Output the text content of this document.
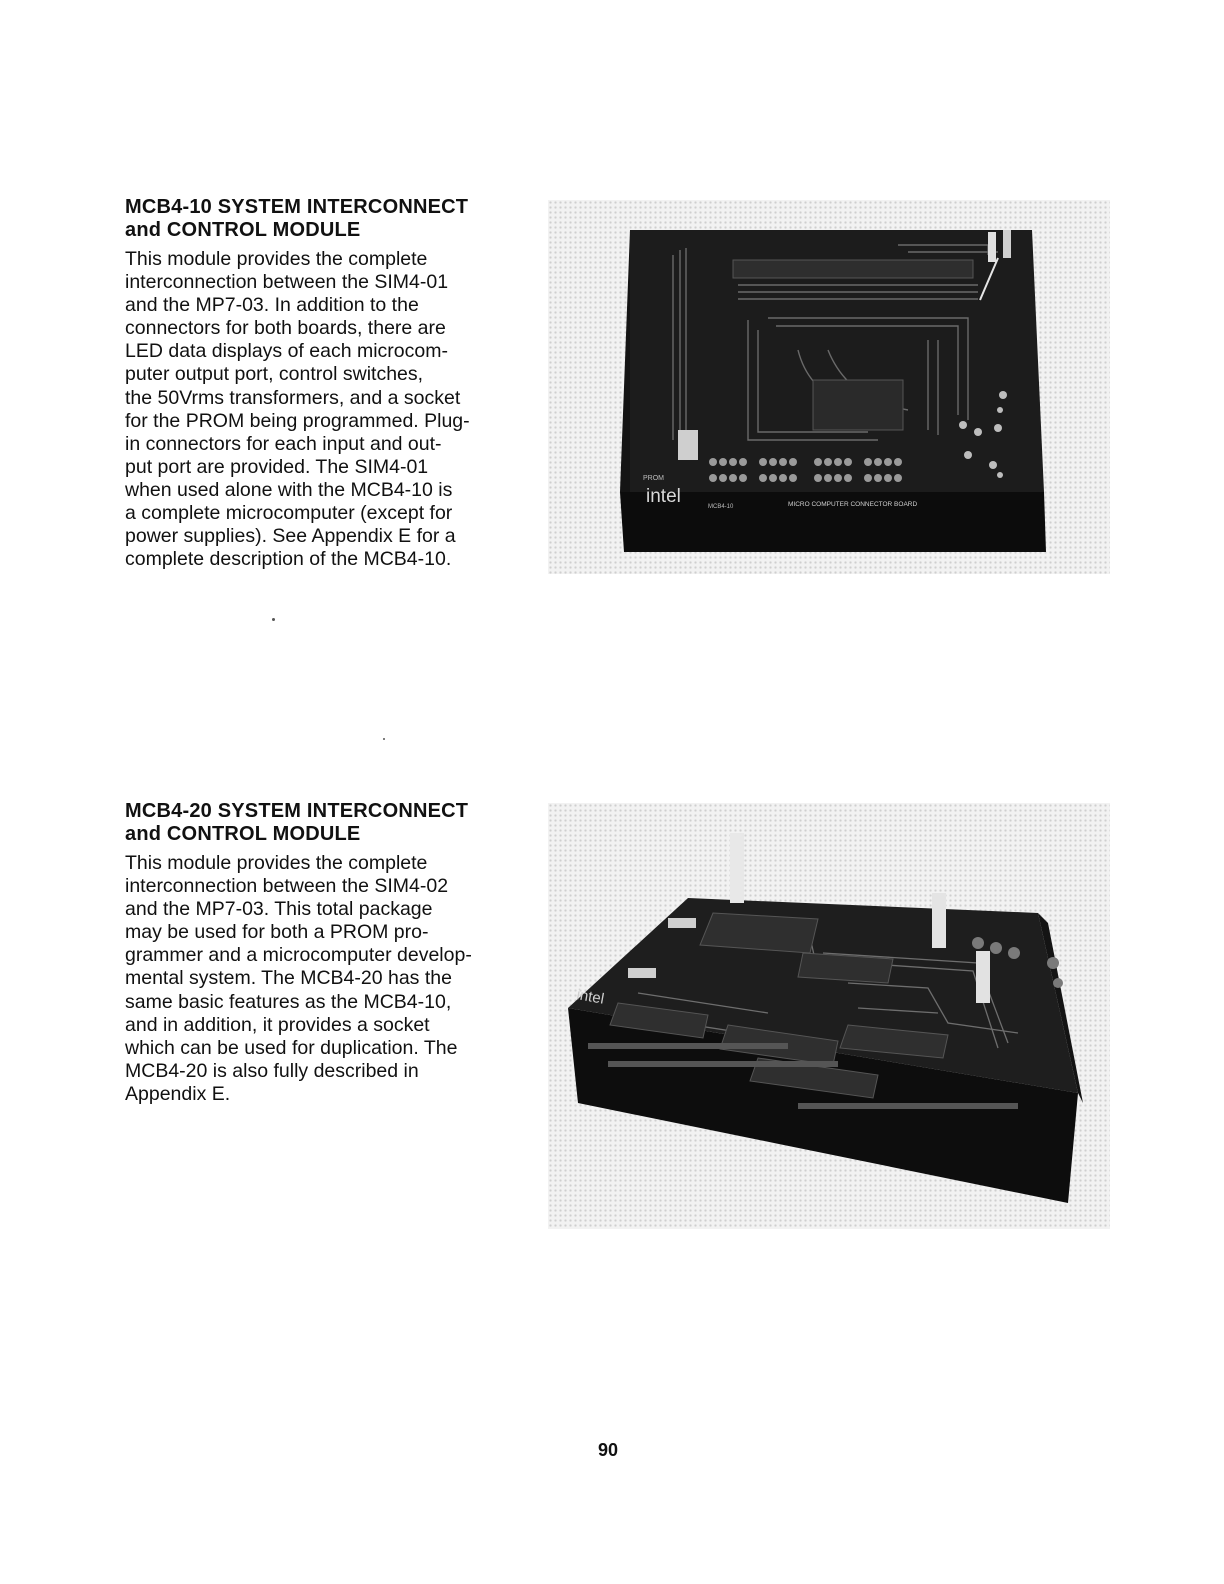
MCB4-10 SYSTEM INTERCONNECT
and CONTROL MODULE

This module provides the complete
interconnection between the SIM4-01
and the MP7-03. In addition to the
connectors for both boards, there are
LED data displays of each microcom-
puter output port, control switches,
the 50Vrms transformers, and a socket
for the PROM being programmed. Plug-
in connectors for each input and out-
put port are provided. The SIM4-01
when used alone with the MCB4-10 is
a complete microcomputer (except for
power supplies). See Appendix E for a
complete description of the MCB4-10.

PROM
MCB4-10	MICRO COMPUTER CONNECTOR BOARD
intel
MCB4-20 SYSTEM INTERCONNECT
and CONTROL MODULE

This module provides the complete
interconnection between the SIM4-02
and the MP7-03. This total package
may be used for both a PROM pro-
grammer and a microcomputer develop-
mental system. The MCB4-20 has the
same basic features as the MCB4-10,
and in addition, it provides a socket
which can be used for duplication. The
MCB4-20 is also fully described in
Appendix E.

intel
90
